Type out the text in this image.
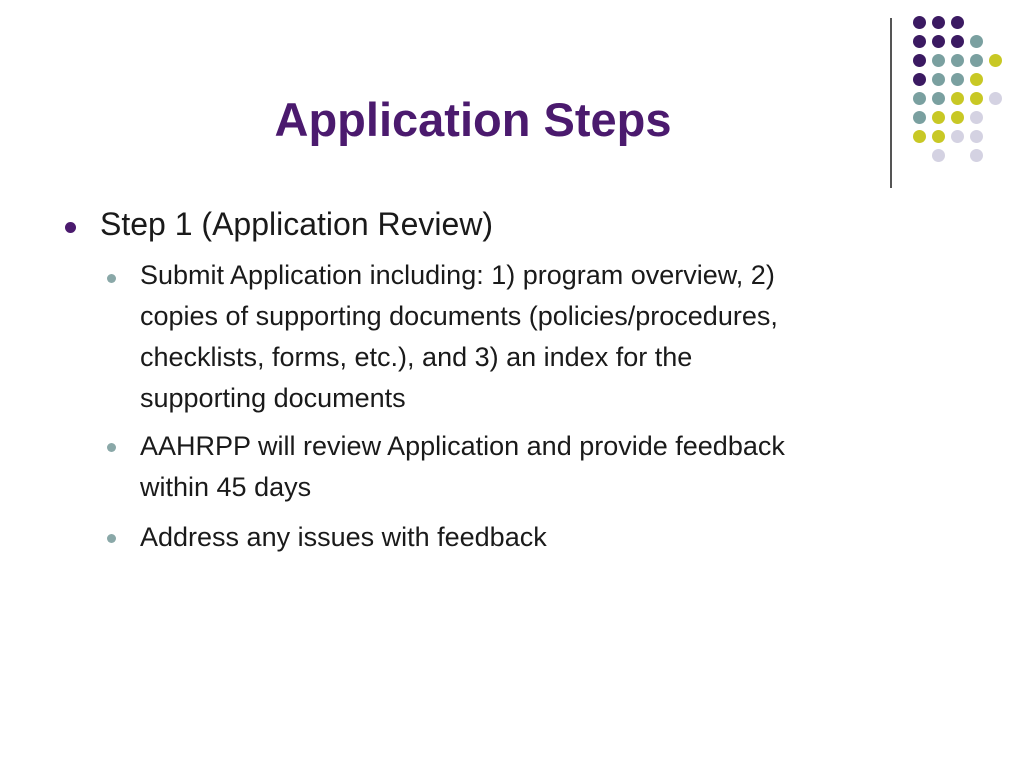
Application Steps
Step 1 (Application Review)
Submit Application including: 1) program overview, 2)
copies of supporting documents (policies/procedures,
checklists, forms, etc.), and 3) an index for the
supporting documents
AAHRPP will review Application and provide feedback
within 45 days
Address any issues with feedback
